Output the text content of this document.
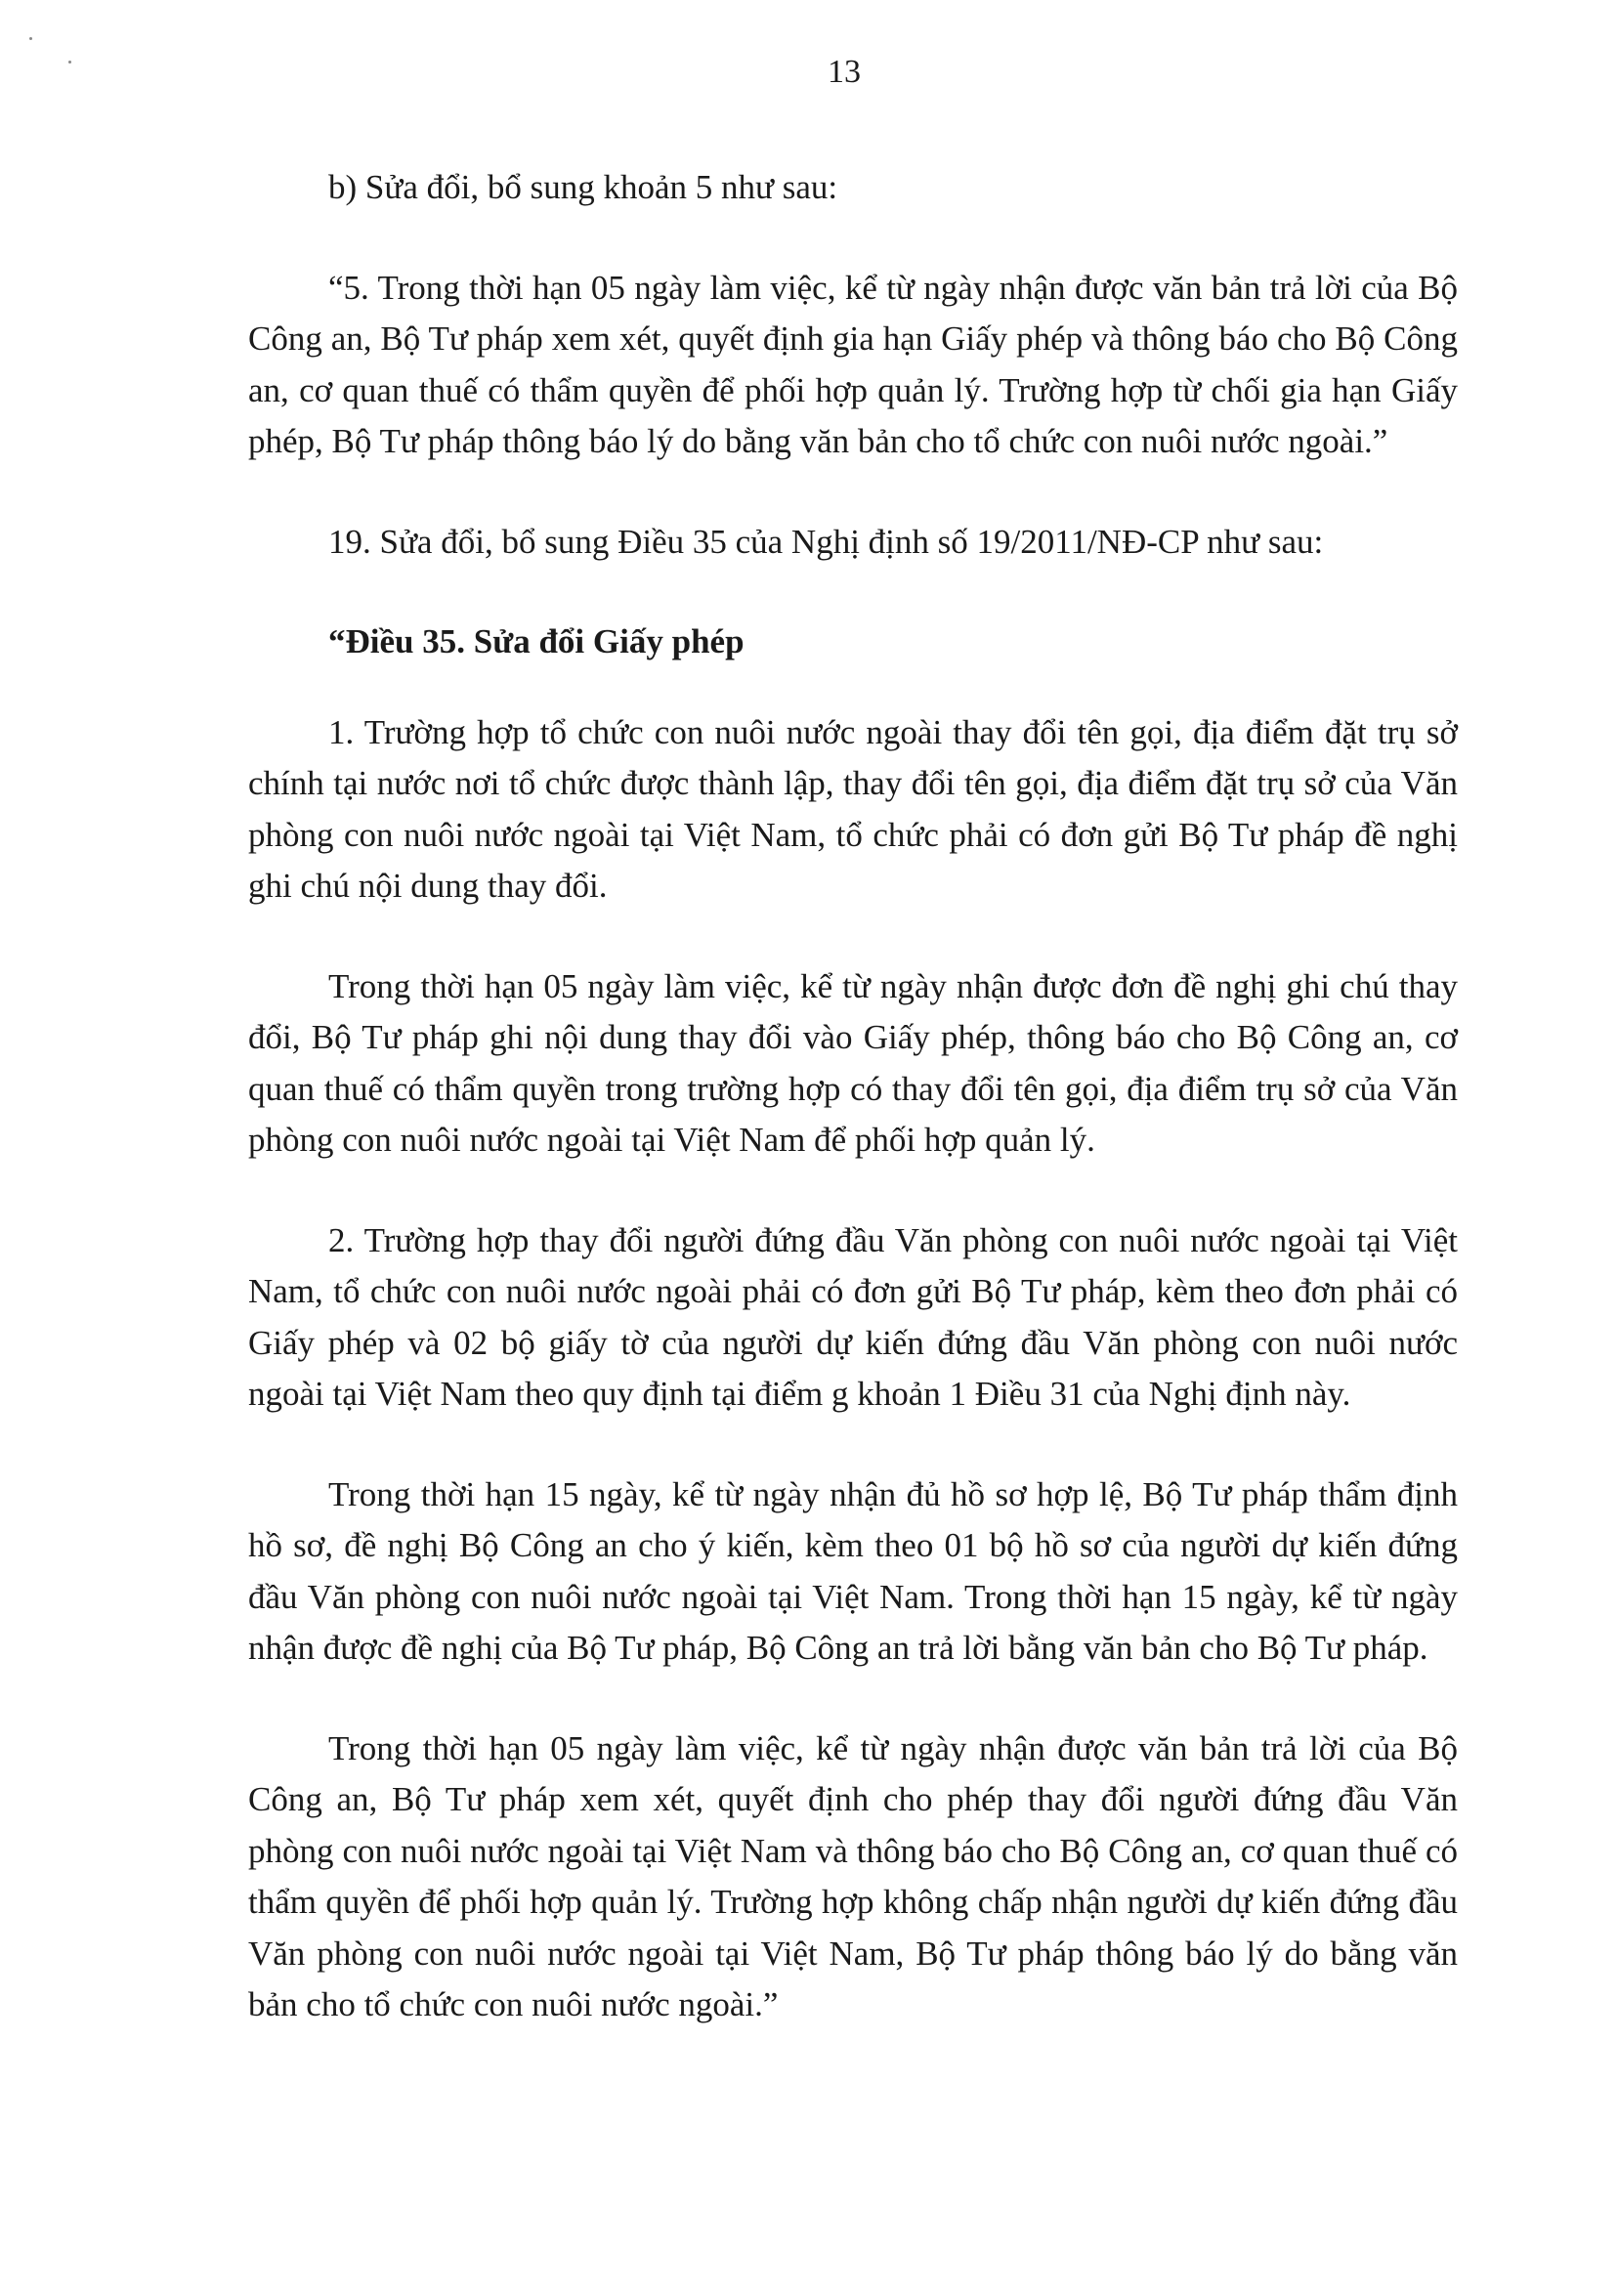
13

b) Sửa đổi, bổ sung khoản 5 như sau:

“5. Trong thời hạn 05 ngày làm việc, kể từ ngày nhận được văn bản trả lời của Bộ Công an, Bộ Tư pháp xem xét, quyết định gia hạn Giấy phép và thông báo cho Bộ Công an, cơ quan thuế có thẩm quyền để phối hợp quản lý. Trường hợp từ chối gia hạn Giấy phép, Bộ Tư pháp thông báo lý do bằng văn bản cho tổ chức con nuôi nước ngoài.”

19. Sửa đổi, bổ sung Điều 35 của Nghị định số 19/2011/NĐ-CP như sau:

“Điều 35. Sửa đổi Giấy phép

1. Trường hợp tổ chức con nuôi nước ngoài thay đổi tên gọi, địa điểm đặt trụ sở chính tại nước nơi tổ chức được thành lập, thay đổi tên gọi, địa điểm đặt trụ sở của Văn phòng con nuôi nước ngoài tại Việt Nam, tổ chức phải có đơn gửi Bộ Tư pháp đề nghị ghi chú nội dung thay đổi.

Trong thời hạn 05 ngày làm việc, kể từ ngày nhận được đơn đề nghị ghi chú thay đổi, Bộ Tư pháp ghi nội dung thay đổi vào Giấy phép, thông báo cho Bộ Công an, cơ quan thuế có thẩm quyền trong trường hợp có thay đổi tên gọi, địa điểm trụ sở của Văn phòng con nuôi nước ngoài tại Việt Nam để phối hợp quản lý.

2. Trường hợp thay đổi người đứng đầu Văn phòng con nuôi nước ngoài tại Việt Nam, tổ chức con nuôi nước ngoài phải có đơn gửi Bộ Tư pháp, kèm theo đơn phải có Giấy phép và 02 bộ giấy tờ của người dự kiến đứng đầu Văn phòng con nuôi nước ngoài tại Việt Nam theo quy định tại điểm g khoản 1 Điều 31 của Nghị định này.

Trong thời hạn 15 ngày, kể từ ngày nhận đủ hồ sơ hợp lệ, Bộ Tư pháp thẩm định hồ sơ, đề nghị Bộ Công an cho ý kiến, kèm theo 01 bộ hồ sơ của người dự kiến đứng đầu Văn phòng con nuôi nước ngoài tại Việt Nam. Trong thời hạn 15 ngày, kể từ ngày nhận được đề nghị của Bộ Tư pháp, Bộ Công an trả lời bằng văn bản cho Bộ Tư pháp.

Trong thời hạn 05 ngày làm việc, kể từ ngày nhận được văn bản trả lời của Bộ Công an, Bộ Tư pháp xem xét, quyết định cho phép thay đổi người đứng đầu Văn phòng con nuôi nước ngoài tại Việt Nam và thông báo cho Bộ Công an, cơ quan thuế có thẩm quyền để phối hợp quản lý. Trường hợp không chấp nhận người dự kiến đứng đầu Văn phòng con nuôi nước ngoài tại Việt Nam, Bộ Tư pháp thông báo lý do bằng văn bản cho tổ chức con nuôi nước ngoài.”
